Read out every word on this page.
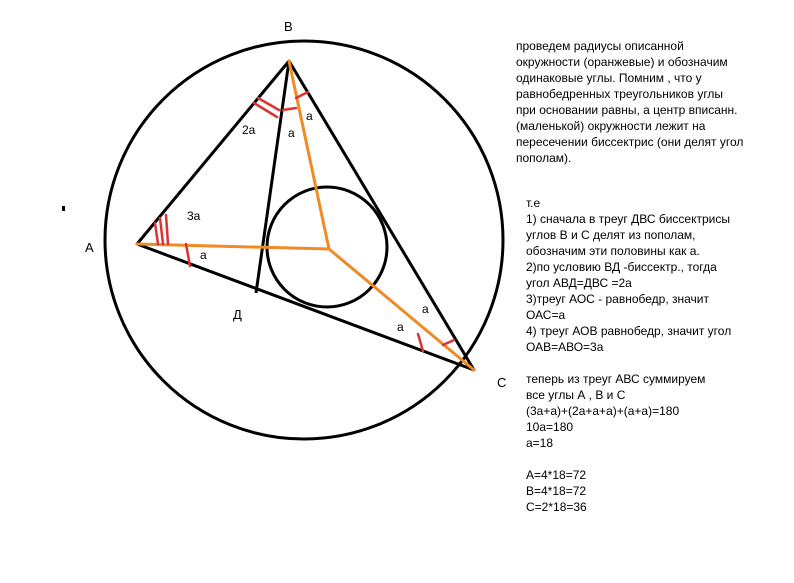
B
A
C
Д
3a
a
2a	a
a
a
a
проведем радиусы описанной
окружности (оранжевые) и обозначим
одинаковые углы. Помним , что у
равнобедренных треугольников углы
при основании равны, а центр вписанн.
(маленькой) окружности лежит на
пересечении биссектрис (они делят угол
пополам).
т.е
1) сначала в треуг ДВС биссектрисы
углов В и С делят из пополам,
обозначим эти половины как а.
2)по условию ВД -биссектр., тогда
угол АВД=ДВС =2а
3)треуг АОС - равнобедр, значит
ОАС=а
4) треуг АОВ равнобедр, значит угол
ОАВ=АВО=3а
теперь из треуг АВС суммируем
все углы А , В и С
(3а+а)+(2а+а+а)+(а+а)=180
10а=180
а=18
А=4*18=72
В=4*18=72
С=2*18=36
